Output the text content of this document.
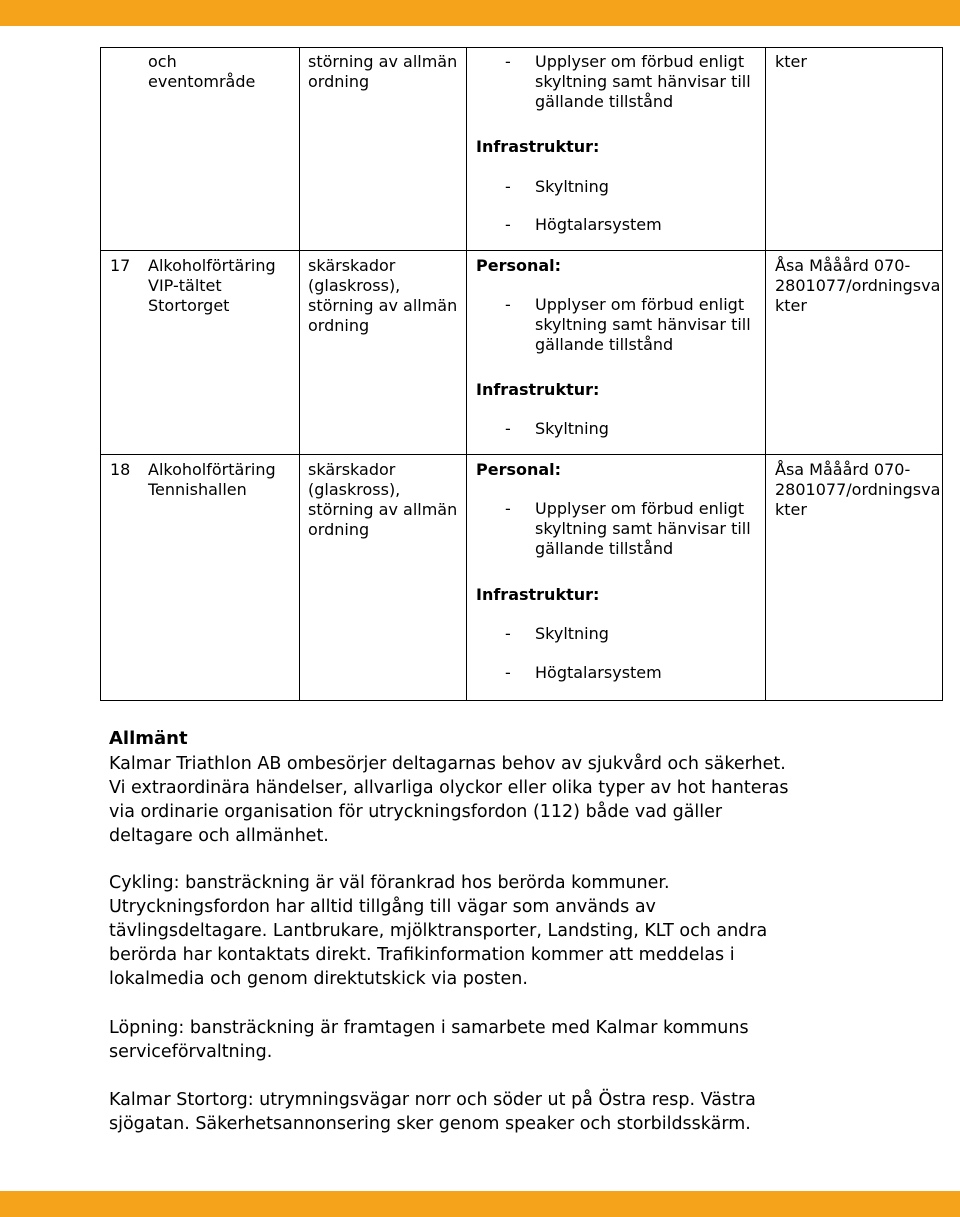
och
eventområde
störning av allmän
ordning
- Upplyser om förbud enligt
skyltning samt hänvisar till
gällande tillstånd
Infrastruktur:
- Skyltning
- Högtalarsystem
kter
17 Alkoholförtäring
VIP-tältet
Stortorget
skärskador
(glaskross),
störning av allmän
ordning
Personal:
- Upplyser om förbud enligt
skyltning samt hänvisar till
gällande tillstånd
Infrastruktur:
- Skyltning
Åsa Mååård 070-
2801077/ordningsva
kter
18 Alkoholförtäring
Tennishallen
skärskador
(glaskross),
störning av allmän
ordning
Personal:
- Upplyser om förbud enligt
skyltning samt hänvisar till
gällande tillstånd
Infrastruktur:
- Skyltning
- Högtalarsystem
Åsa Mååård 070-
2801077/ordningsva
kter
Allmänt
Kalmar Triathlon AB ombesörjer deltagarnas behov av sjukvård och säkerhet.
Vi extraordinära händelser, allvarliga olyckor eller olika typer av hot hanteras
via ordinarie organisation för utryckningsfordon (112) både vad gäller
deltagare och allmänhet.
Cykling: bansträckning är väl förankrad hos berörda kommuner.
Utryckningsfordon har alltid tillgång till vägar som används av
tävlingsdeltagare. Lantbrukare, mjölktransporter, Landsting, KLT och andra
berörda har kontaktats direkt. Trafikinformation kommer att meddelas i
lokalmedia och genom direktutskick via posten.
Löpning: bansträckning är framtagen i samarbete med Kalmar kommuns
serviceförvaltning.
Kalmar Stortorg: utrymningsvägar norr och söder ut på Östra resp. Västra
sjögatan. Säkerhetsannonsering sker genom speaker och storbildsskärm.
